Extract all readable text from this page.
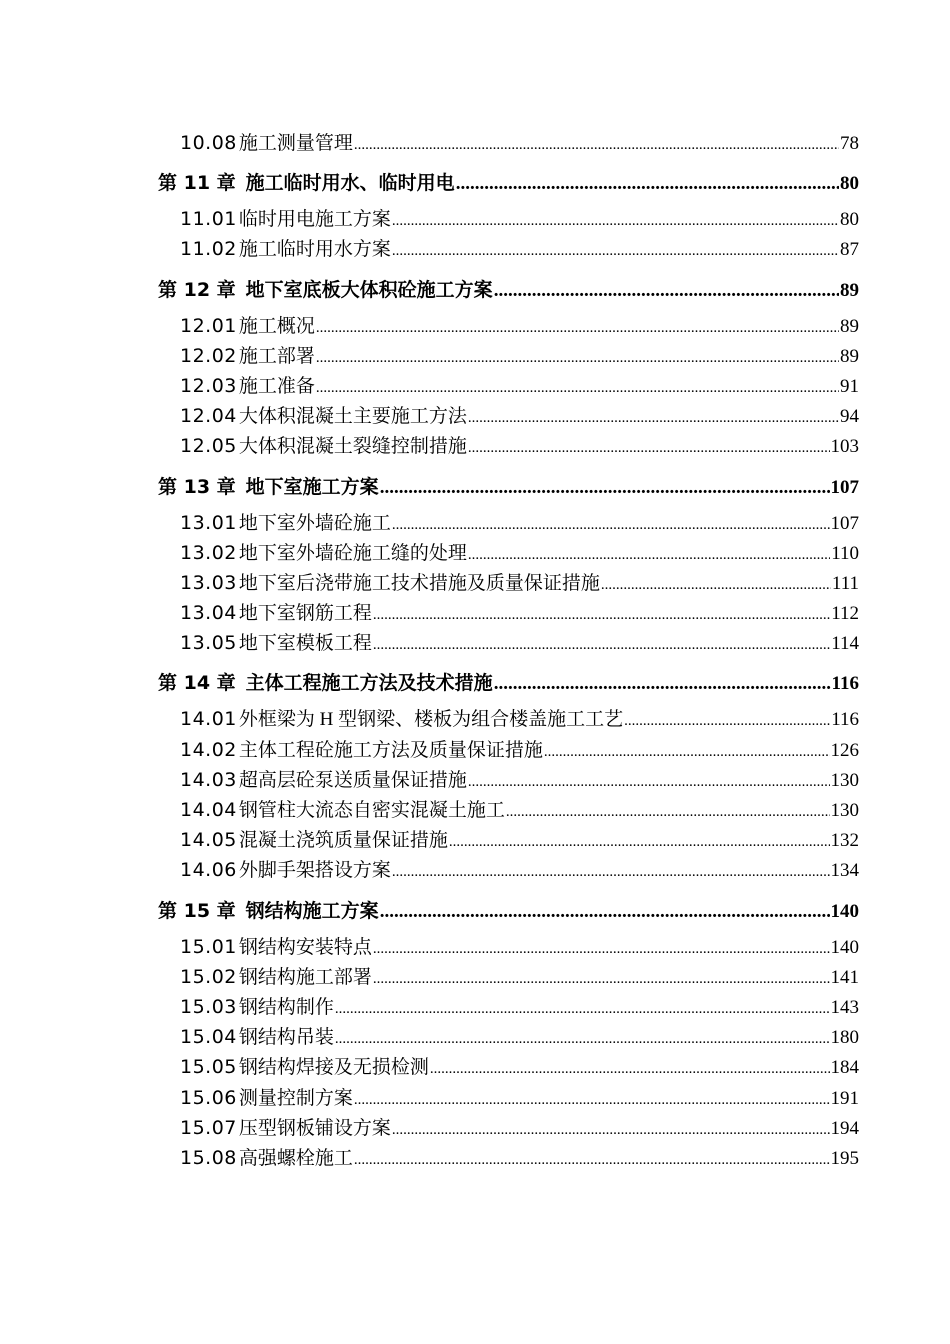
10.08 施工测量管理 .....	78
第 11 章 施工临时用水、临时用电 .....	80
11.01 临时用电施工方案 .....	80
11.02 施工临时用水方案 .....	87
第 12 章 地下室底板大体积砼施工方案 .....	89
12.01 施工概况 .....	89
12.02 施工部署 .....	89
12.03 施工准备 .....	91
12.04 大体积混凝土主要施工方法 .....	94
12.05 大体积混凝土裂缝控制措施 .....	103
第 13 章 地下室施工方案 .....	107
13.01 地下室外墙砼施工 .....	107
13.02 地下室外墙砼施工缝的处理 .....	110
13.03 地下室后浇带施工技术措施及质量保证措施 .....	111
13.04 地下室钢筋工程 .....	112
13.05 地下室模板工程 .....	114
第 14 章 主体工程施工方法及技术措施 .....	116
14.01 外框梁为 H 型钢梁、楼板为组合楼盖施工工艺 .....	116
14.02 主体工程砼施工方法及质量保证措施 .....	126
14.03 超高层砼泵送质量保证措施 .....	130
14.04 钢管柱大流态自密实混凝土施工 .....	130
14.05 混凝土浇筑质量保证措施 .....	132
14.06 外脚手架搭设方案 .....	134
第 15 章 钢结构施工方案 .....	140
15.01 钢结构安装特点 .....	140
15.02 钢结构施工部署 .....	141
15.03 钢结构制作 .....	143
15.04 钢结构吊装 .....	180
15.05 钢结构焊接及无损检测 .....	184
15.06 测量控制方案 .....	191
15.07 压型钢板铺设方案 .....	194
15.08 高强螺栓施工 .....	195
